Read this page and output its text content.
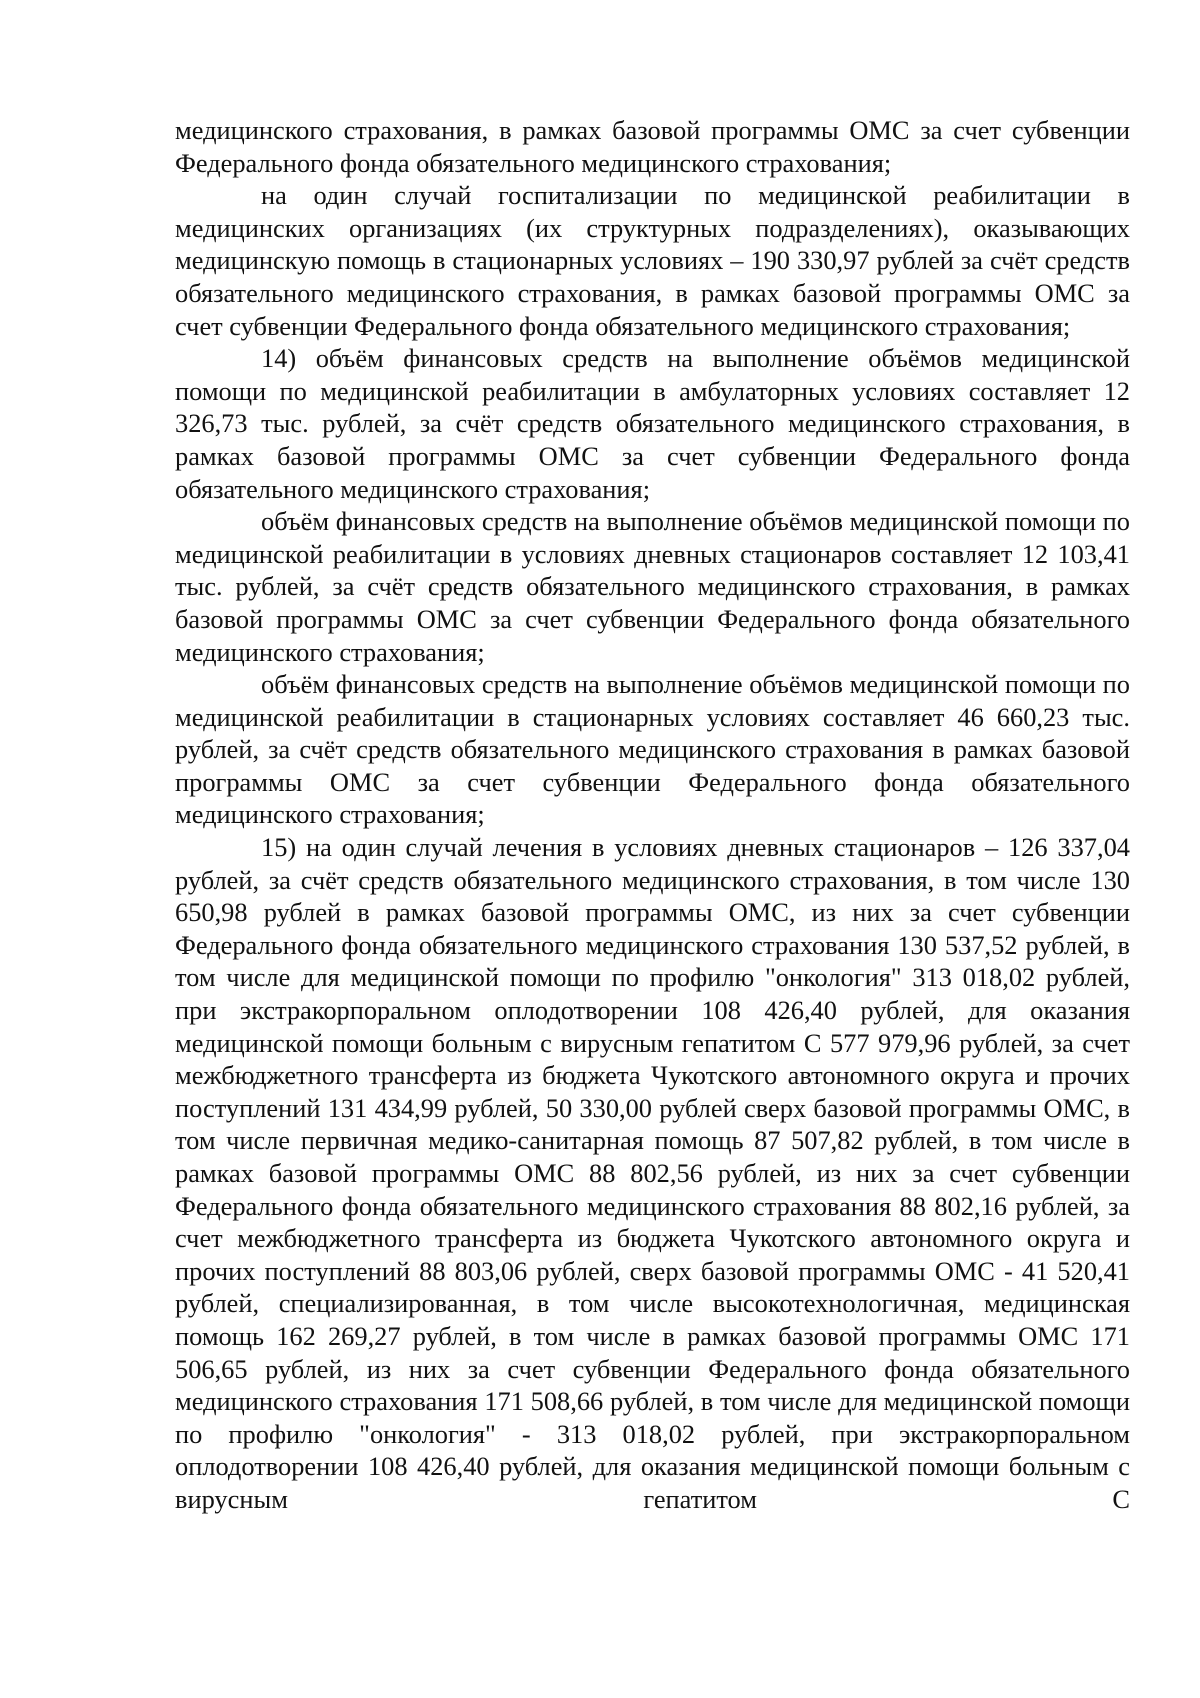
медицинского страхования, в рамках базовой программы ОМС за счет субвенции Федерального фонда обязательного медицинского страхования;

на один случай госпитализации по медицинской реабилитации в медицинских организациях (их структурных подразделениях), оказывающих медицинскую помощь в стационарных условиях – 190 330,97 рублей за счёт средств обязательного медицинского страхования, в рамках базовой программы ОМС за счет субвенции Федерального фонда обязательного медицинского страхования;

14) объём финансовых средств на выполнение объёмов медицинской помощи по медицинской реабилитации в амбулаторных условиях составляет 12 326,73 тыс. рублей, за счёт средств обязательного медицинского страхования, в рамках базовой программы ОМС за счет субвенции Федерального фонда обязательного медицинского страхования;

объём финансовых средств на выполнение объёмов медицинской помощи по медицинской реабилитации в условиях дневных стационаров составляет 12 103,41 тыс. рублей, за счёт средств обязательного медицинского страхования, в рамках базовой программы ОМС за счет субвенции Федерального фонда обязательного медицинского страхования;

объём финансовых средств на выполнение объёмов медицинской помощи по медицинской реабилитации в стационарных условиях составляет 46 660,23 тыс. рублей, за счёт средств обязательного медицинского страхования в рамках базовой программы ОМС за счет субвенции Федерального фонда обязательного медицинского страхования;

15) на один случай лечения в условиях дневных стационаров – 126 337,04 рублей, за счёт средств обязательного медицинского страхования, в том числе 130 650,98 рублей в рамках базовой программы ОМС, из них за счет субвенции Федерального фонда обязательного медицинского страхования 130 537,52 рублей, в том числе для медицинской помощи по профилю "онкология" 313 018,02 рублей, при экстракорпоральном оплодотворении 108 426,40 рублей, для оказания медицинской помощи больным с вирусным гепатитом С 577 979,96 рублей, за счет межбюджетного трансферта из бюджета Чукотского автономного округа и прочих поступлений 131 434,99 рублей, 50 330,00 рублей сверх базовой программы ОМС, в том числе первичная медико-санитарная помощь 87 507,82 рублей, в том числе в рамках базовой программы ОМС 88 802,56 рублей, из них за счет субвенции Федерального фонда обязательного медицинского страхования 88 802,16 рублей, за счет межбюджетного трансферта из бюджета Чукотского автономного округа и прочих поступлений 88 803,06 рублей, сверх базовой программы ОМС - 41 520,41 рублей, специализированная, в том числе высокотехнологичная, медицинская помощь 162 269,27 рублей, в том числе в рамках базовой программы ОМС 171 506,65 рублей, из них за счет субвенции Федерального фонда обязательного медицинского страхования 171 508,66 рублей, в том числе для медицинской помощи по профилю "онкология" - 313 018,02 рублей, при экстракорпоральном оплодотворении 108 426,40 рублей, для оказания медицинской помощи больным с вирусным гепатитом С
